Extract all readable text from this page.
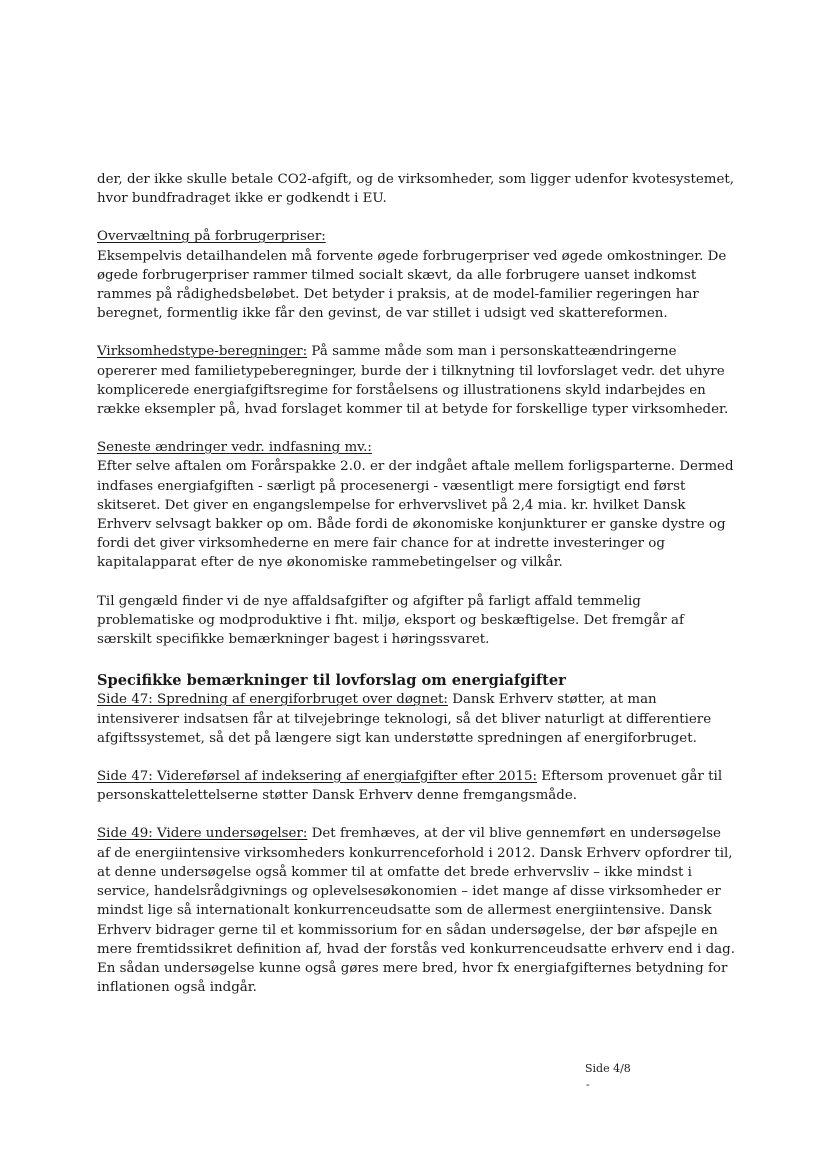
der, der ikke skulle betale CO2-afgift, og de virksomheder, som ligger udenfor kvotesystemet, hvor bundfradraget ikke er godkendt i EU.

Overvæltning på forbrugerpriser:
Eksempelvis detailhandelen må forvente øgede forbrugerpriser ved øgede omkostninger. De øgede forbrugerpriser rammer tilmed socialt skævt, da alle forbrugere uanset indkomst rammes på rådighedsbeløbet. Det betyder i praksis, at de model-familier regeringen har beregnet, formentlig ikke får den gevinst, de var stillet i udsigt ved skattereformen.

Virksomhedstype-beregninger: På samme måde som man i personskatteændringerne opererer med familietypeberegninger, burde der i tilknytning til lovforslaget vedr. det uhyre komplicerede energiafgiftsregime for forståelsens og illustrationens skyld indarbejdes en række eksempler på, hvad forslaget kommer til at betyde for forskellige typer virksomheder.

Seneste ændringer vedr. indfasning mv.:
Efter selve aftalen om Forårspakke 2.0. er der indgået aftale mellem forligsparterne. Dermed indfases energiafgiften - særligt på procesenergi - væsentligt mere forsigtigt end først skitseret. Det giver en engangslempelse for erhvervslivet på 2,4 mia. kr. hvilket Dansk Erhverv selvsagt bakker op om. Både fordi de økonomiske konjunkturer er ganske dystre og fordi det giver virksomhederne en mere fair chance for at indrette investeringer og kapitalapparat efter de nye økonomiske rammebetingelser og vilkår.

Til gengæld finder vi de nye affaldsafgifter og afgifter på farligt affald temmelig problematiske og modproduktive i fht. miljø, eksport og beskæftigelse. Det fremgår af særskilt specifikke bemærkninger bagest i høringssvaret.

Specifikke bemærkninger til lovforslag om energiafgifter

Side 47: Spredning af energiforbruget over døgnet: Dansk Erhverv støtter, at man intensiverer indsatsen får at tilvejebringe teknologi, så det bliver naturligt at differentiere afgiftssystemet, så det på længere sigt kan understøtte spredningen af energiforbruget.

Side 47: Videreførsel af indeksering af energiafgifter efter 2015: Eftersom provenuet går til personskattelettelserne støtter Dansk Erhverv denne fremgangsmåde.

Side 49: Videre undersøgelser: Det fremhæves, at der vil blive gennemført en undersøgelse af de energiintensive virksomheders konkurrenceforhold i 2012. Dansk Erhverv opfordrer til, at denne undersøgelse også kommer til at omfatte det brede erhvervsliv – ikke mindst i service, handelsrådgivnings og oplevelsesøkonomien – idet mange af disse virksomheder er mindst lige så internationalt konkurrenceudsatte som de allermest energiintensive. Dansk Erhverv bidrager gerne til et kommissorium for en sådan undersøgelse, der bør afspejle en mere fremtidssikret definition af, hvad der forstås ved konkurrenceudsatte erhverv end i dag. En sådan undersøgelse kunne også gøres mere bred, hvor fx energiafgifternes betydning for inflationen også indgår.

Side 4/8
-
